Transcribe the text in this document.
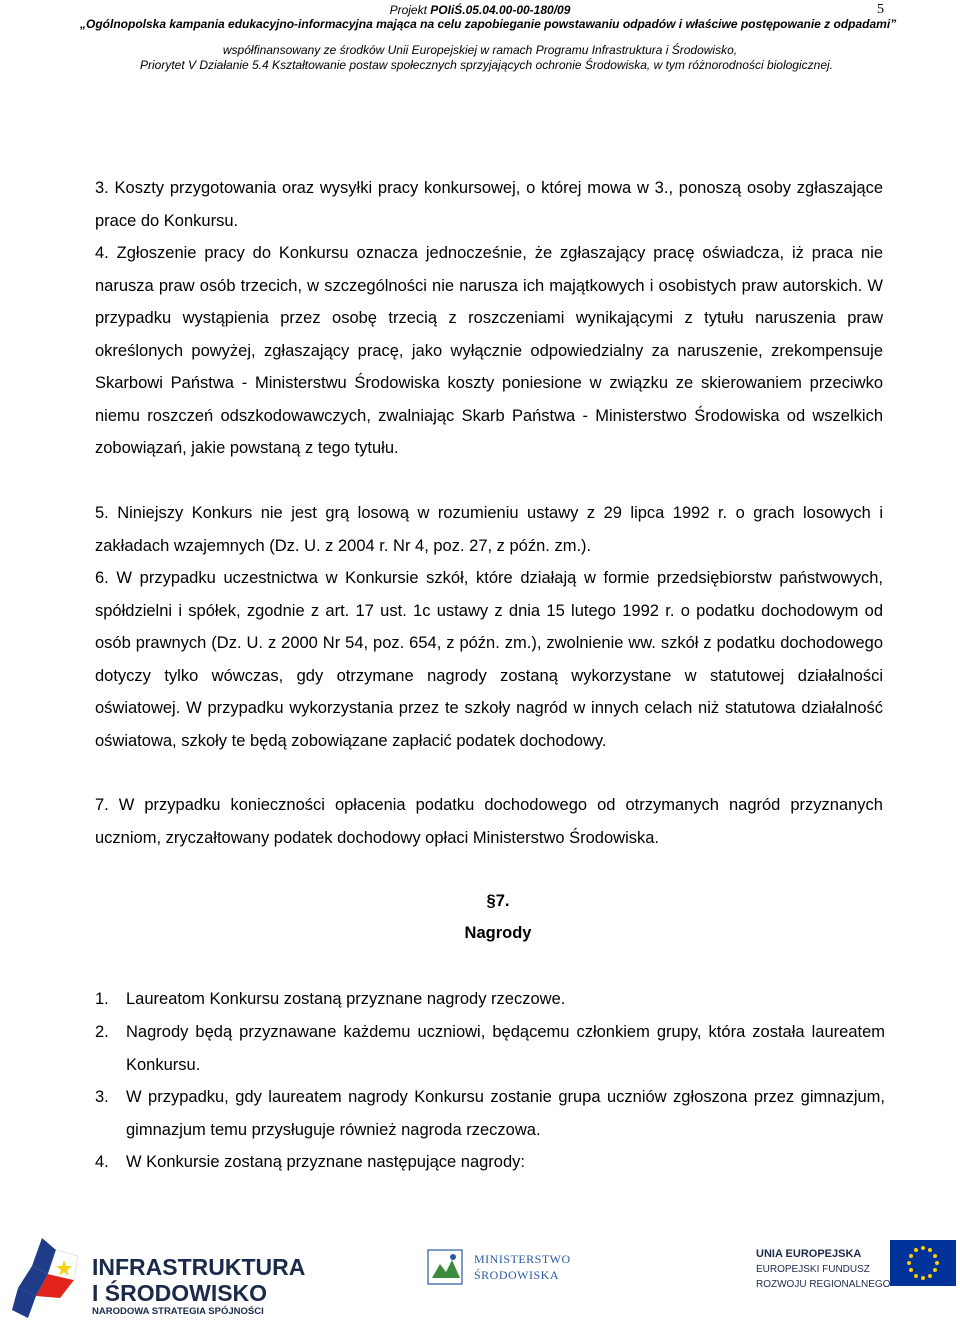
5
Projekt POIiŚ.05.04.00-00-180/09
„Ogólnopolska kampania edukacyjno-informacyjna mająca na celu zapobieganie powstawaniu odpadów i właściwe postępowanie z odpadami”
współfinansowany ze środków Unii Europejskiej w ramach Programu Infrastruktura i Środowisko,
Priorytet V Działanie 5.4 Kształtowanie postaw społecznych sprzyjających ochronie Środowiska, w tym różnorodności biologicznej.

3. Koszty przygotowania oraz wysyłki pracy konkursowej, o której mowa w 3., ponoszą osoby zgłaszające prace do Konkursu.

4. Zgłoszenie pracy do Konkursu oznacza jednocześnie, że zgłaszający pracę oświadcza, iż praca nie narusza praw osób trzecich, w szczególności nie narusza ich majątkowych i osobistych praw autorskich. W przypadku wystąpienia przez osobę trzecią z roszczeniami wynikającymi z tytułu naruszenia praw określonych powyżej, zgłaszający pracę, jako wyłącznie odpowiedzialny za naruszenie, zrekompensuje Skarbowi Państwa - Ministerstwu Środowiska koszty poniesione w związku ze skierowaniem przeciwko niemu roszczeń odszkodowawczych, zwalniając Skarb Państwa - Ministerstwo Środowiska od wszelkich zobowiązań, jakie powstaną z tego tytułu.

5. Niniejszy Konkurs nie jest grą losową w rozumieniu ustawy z 29 lipca 1992 r. o grach losowych i zakładach wzajemnych (Dz. U. z 2004 r. Nr 4, poz. 27, z późn. zm.).

6. W przypadku uczestnictwa w Konkursie szkół, które działają w formie przedsiębiorstw państwowych, spółdzielni i spółek, zgodnie z art. 17 ust. 1c ustawy z dnia 15 lutego 1992 r. o podatku dochodowym od osób prawnych (Dz. U. z 2000 Nr 54, poz. 654, z późn. zm.), zwolnienie ww. szkół z podatku dochodowego dotyczy tylko wówczas, gdy otrzymane nagrody zostaną wykorzystane w statutowej działalności oświatowej. W przypadku wykorzystania przez te szkoły nagród w innych celach niż statutowa działalność oświatowa, szkoły te będą zobowiązane zapłacić podatek dochodowy.

7. W przypadku konieczności opłacenia podatku dochodowego od otrzymanych nagród przyznanych uczniom, zryczałtowany podatek dochodowy opłaci Ministerstwo Środowiska.

§7.
Nagrody
1.	Laureatom Konkursu zostaną przyznane nagrody rzeczowe.
2.	Nagrody będą przyznawane każdemu uczniowi, będącemu członkiem grupy, która została laureatem Konkursu.
3.	W przypadku, gdy laureatem nagrody Konkursu zostanie grupa uczniów zgłoszona przez gimnazjum, gimnazjum temu przysługuje również nagroda rzeczowa.
4.	W Konkursie zostaną przyznane następujące nagrody:
INFRASTRUKTURA
I ŚRODOWISKO
NARODOWA STRATEGIA SPÓJNOŚCI
MINISTERSTWO
ŚRODOWISKA
UNIA EUROPEJSKA
EUROPEJSKI FUNDUSZ
ROZWOJU REGIONALNEGO
